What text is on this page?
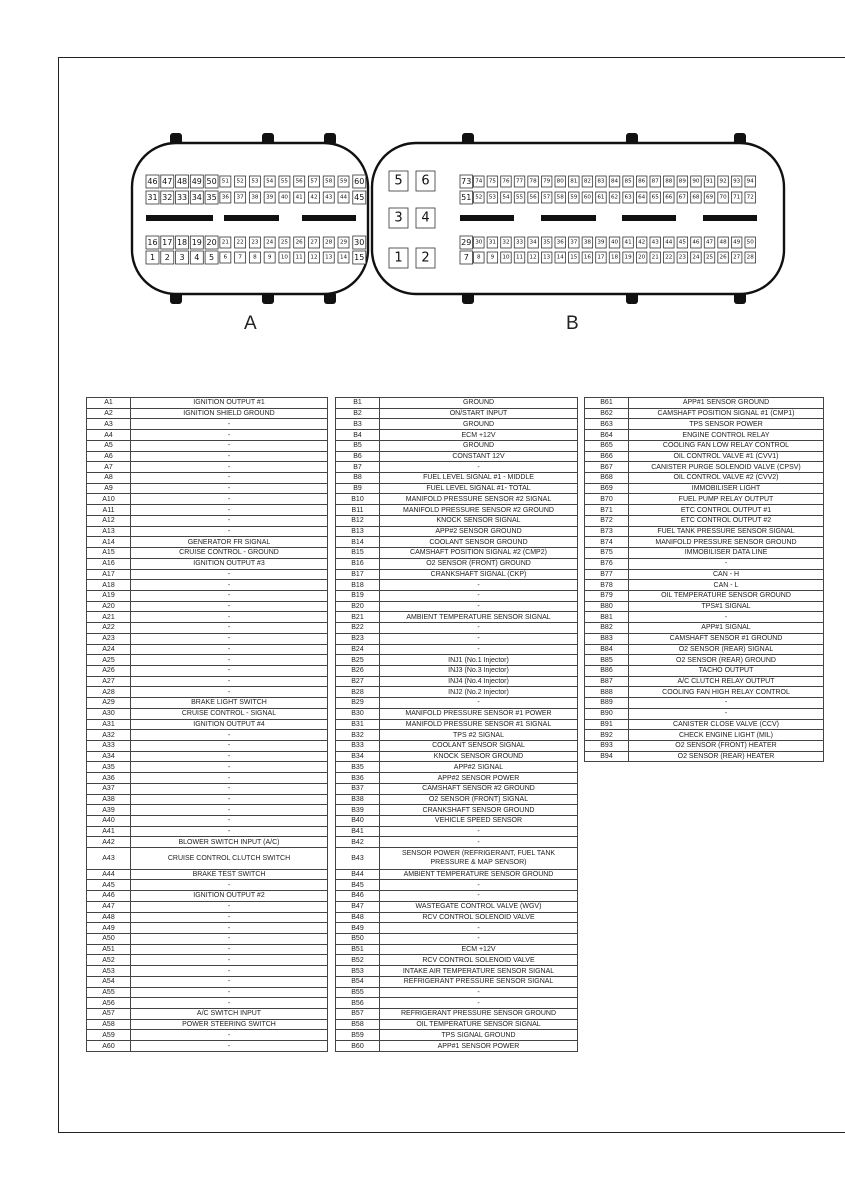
46 47 48 49 50 51 52 53 54 55 56 57 58 59 60
31 32 33 34 35 36 37 38 39 40 41 42 43 44 45
16 17 18 19 20 21 22 23 24 25 26 27 28 29 30
1 2 3 4 5 6 7 8 9 10 11 12 13 14 15
5 6
3 4
1 2
73 74 75 76 77 78 79 80 81 82 83 84 85 86 87 88 89 90 91 92 93 94
51 52 53 54 55 56 57 58 59 60 61 62 63 64 65 66 67 68 69 70 71 72
29 30 31 32 33 34 35 36 37 38 39 40 41 42 43 44 45 46 47 48 49 50
7 8 9 10 11 12 13 14 15 16 17 18 19 20 21 22 23 24 25 26 27 28
A	B
A1	IGNITION OUTPUT #1
A2	IGNITION SHIELD GROUND
A3	-
A4	-
A5	-
A6	-
A7	-
A8	-
A9	-
A10	-
A11	-
A12	-
A13	-
A14	GENERATOR FR SIGNAL
A15	CRUISE CONTROL - GROUND
A16	IGNITION OUTPUT #3
A17	-
A18	-
A19	-
A20	-
A21	-
A22	-
A23	-
A24	-
A25	-
A26	-
A27	-
A28	-
A29	BRAKE LIGHT SWITCH
A30	CRUISE CONTROL - SIGNAL
A31	IGNITION OUTPUT #4
A32	-
A33	-
A34	-
A35	-
A36	-
A37	-
A38	-
A39	-
A40	-
A41	-
A42	BLOWER SWITCH INPUT (A/C)
A43	CRUISE CONTROL CLUTCH SWITCH
A44	BRAKE TEST SWITCH
A45	-
A46	IGNITION OUTPUT #2
A47	-
A48	-
A49	-
A50	-
A51	-
A52	-
A53	-
A54	-
A55	-
A56	-
A57	A/C SWITCH INPUT
A58	POWER STEERING SWITCH
A59	-
A60	-
B1	GROUND
B2	ON/START INPUT
B3	GROUND
B4	ECM +12V
B5	GROUND
B6	CONSTANT 12V
B7	-
B8	FUEL LEVEL SIGNAL #1 - MIDDLE
B9	FUEL LEVEL SIGNAL #1- TOTAL
B10	MANIFOLD PRESSURE SENSOR #2 SIGNAL
B11	MANIFOLD PRESSURE SENSOR #2 GROUND
B12	KNOCK SENSOR SIGNAL
B13	APP#2 SENSOR GROUND
B14	COOLANT SENSOR GROUND
B15	CAMSHAFT POSITION SIGNAL #2 (CMP2)
B16	O2 SENSOR (FRONT) GROUND
B17	CRANKSHAFT SIGNAL (CKP)
B18	-
B19	-
B20	-
B21	AMBIENT TEMPERATURE SENSOR SIGNAL
B22	-
B23	-
B24	-
B25	INJ1 (No.1 Injector)
B26	INJ3 (No.3 Injector)
B27	INJ4 (No.4 Injector)
B28	INJ2 (No.2 Injector)
B29	-
B30	MANIFOLD PRESSURE SENSOR #1 POWER
B31	MANIFOLD PRESSURE SENSOR #1 SIGNAL
B32	TPS #2 SIGNAL
B33	COOLANT SENSOR SIGNAL
B34	KNOCK SENSOR GROUND
B35	APP#2 SIGNAL
B36	APP#2 SENSOR POWER
B37	CAMSHAFT SENSOR #2 GROUND
B38	O2 SENSOR (FRONT) SIGNAL
B39	CRANKSHAFT SENSOR GROUND
B40	VEHICLE SPEED SENSOR
B41	-
B42	-
B43	SENSOR POWER (REFRIGERANT, FUEL TANK PRESSURE & MAP SENSOR)
B44	AMBIENT TEMPERATURE SENSOR GROUND
B45	-
B46	-
B47	WASTEGATE CONTROL VALVE (WGV)
B48	RCV CONTROL SOLENOID VALVE
B49	-
B50	-
B51	ECM +12V
B52	RCV CONTROL SOLENOID VALVE
B53	INTAKE AIR TEMPERATURE SENSOR SIGNAL
B54	REFRIGERANT PRESSURE SENSOR SIGNAL
B55	-
B56	-
B57	REFRIGERANT PRESSURE SENSOR GROUND
B58	OIL TEMPERATURE SENSOR SIGNAL
B59	TPS SIGNAL GROUND
B60	APP#1 SENSOR POWER
B61	APP#1 SENSOR GROUND
B62	CAMSHAFT POSITION SIGNAL #1 (CMP1)
B63	TPS SENSOR POWER
B64	ENGINE CONTROL RELAY
B65	COOLING FAN LOW RELAY CONTROL
B66	OIL CONTROL VALVE #1 (CVV1)
B67	CANISTER PURGE SOLENOID VALVE (CPSV)
B68	OIL CONTROL VALVE #2 (CVV2)
B69	IMMOBILISER LIGHT
B70	FUEL PUMP RELAY OUTPUT
B71	ETC CONTROL OUTPUT #1
B72	ETC CONTROL OUTPUT #2
B73	FUEL TANK PRESSURE SENSOR SIGNAL
B74	MANIFOLD PRESSURE SENSOR GROUND
B75	IMMOBILISER DATA LINE
B76	-
B77	CAN - H
B78	CAN - L
B79	OIL TEMPERATURE SENSOR GROUND
B80	TPS#1 SIGNAL
B81	-
B82	APP#1 SIGNAL
B83	CAMSHAFT SENSOR #1 GROUND
B84	O2 SENSOR (REAR) SIGNAL
B85	O2 SENSOR (REAR) GROUND
B86	TACHO OUTPUT
B87	A/C CLUTCH RELAY OUTPUT
B88	COOLING FAN HIGH RELAY CONTROL
B89	-
B90	-
B91	CANISTER CLOSE VALVE (CCV)
B92	CHECK ENGINE LIGHT (MIL)
B93	O2 SENSOR (FRONT) HEATER
B94	O2 SENSOR (REAR) HEATER
